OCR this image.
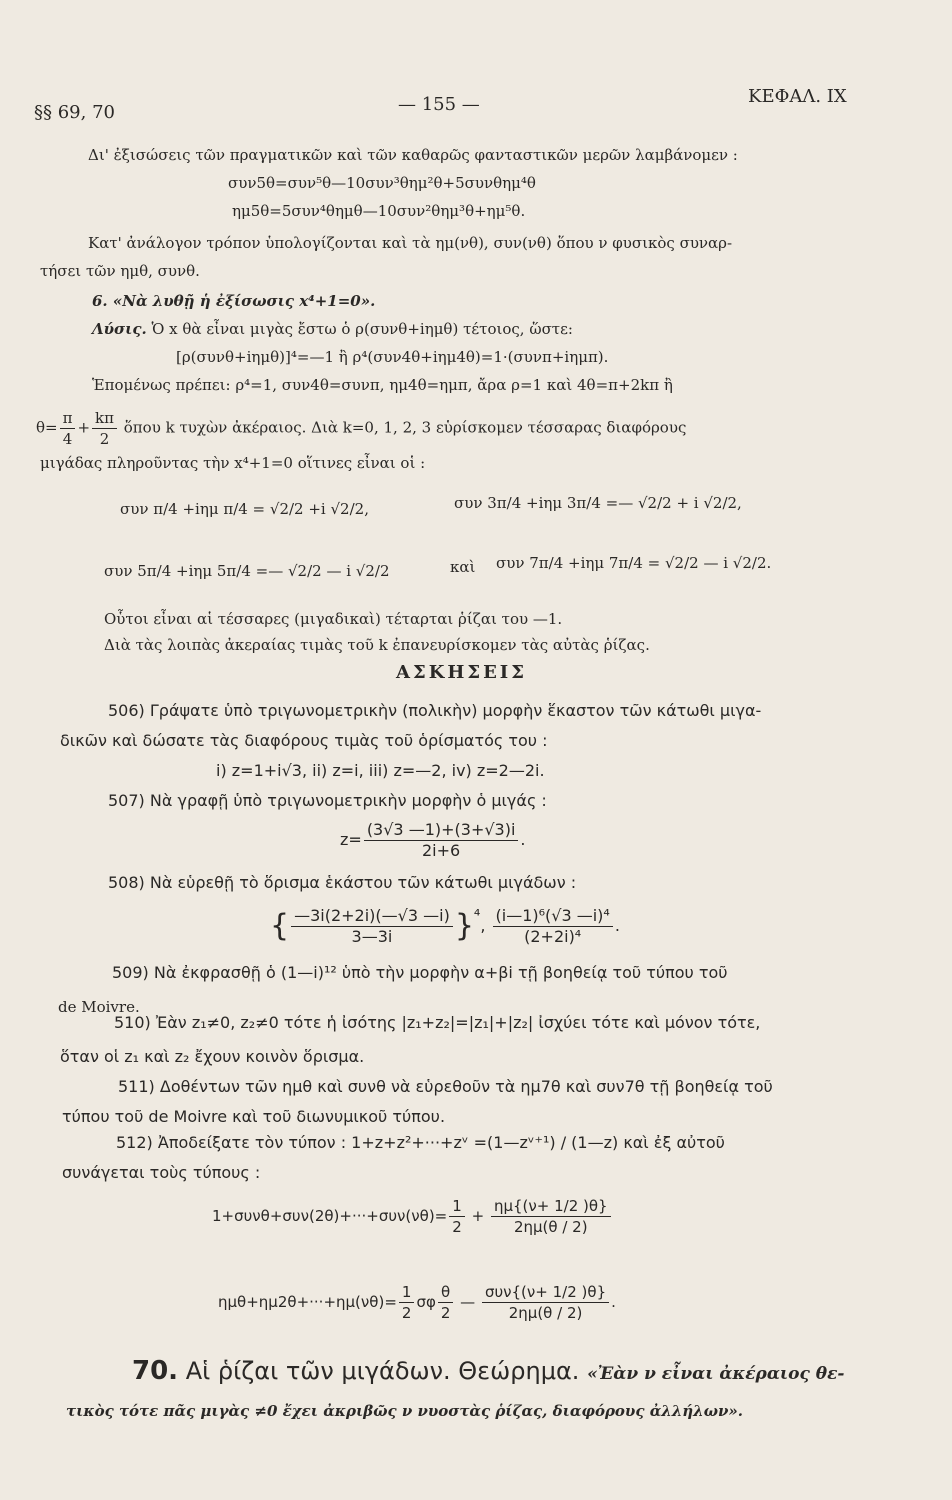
§§ 69, 70	— 155 —	ΚΕΦΑΛ. IX
Δι' ἐξισώσεις τῶν πραγματικῶν καὶ τῶν καθαρῶς φανταστικῶν μερῶν λαμβάνομεν :
συν5θ=συν⁵θ—10συν³θημ²θ+5συνθημ⁴θ
ημ5θ=5συν⁴θημθ—10συν²θημ³θ+ημ⁵θ.
Κατ' ἀνάλογον τρόπον ὑπολογίζονται καὶ τὰ ημ(νθ), συν(νθ) ὅπου ν φυσικὸς συναρ-
τήσει τῶν ημθ, συνθ.
6. «Νὰ λυθῇ ἡ ἐξίσωσις x⁴+1=0».
Λύσις. Ὁ x θὰ εἶναι μιγὰς ἔστω ὁ ρ(συνθ+iημθ) τέτοιος, ὥστε:
[ρ(συνθ+iημθ)]⁴=—1 ἢ ρ⁴(συν4θ+iημ4θ)=1·(συνπ+iημπ).
Ἑπομένως πρέπει: ρ⁴=1, συν4θ=συνπ, ημ4θ=ημπ, ἄρα ρ=1 καὶ 4θ=π+2kπ ἢ
$\theta= \frac{\pi}{4} + \frac{k\pi}{2}$ ὅπου k τυχὼν ἀκέραιος. Διὰ k=0, 1, 2, 3 εὑρίσκομεν τέσσαρας διαφόρους
μιγάδας πληροῦντας τὴν x⁴+1=0 οἵτινες εἶναι οἱ :
συν π/4 +iημ π/4 = √2/2 +i √2/2,	συν 3π/4 +iημ 3π/4 =— √2/2 + i √2/2,
συν 5π/4 +iημ 5π/4 =— √2/2 — i √2/2	καὶ συν 7π/4 +iημ 7π/4 = √2/2 — i √2/2.
Οὗτοι εἶναι αἱ τέσσαρες (μιγαδικαὶ) τέταρται ῥίζαι του —1.
Διὰ τὰς λοιπὰς ἀκεραίας τιμὰς τοῦ k ἐπανευρίσκομεν τὰς αὐτὰς ῥίζας.
ΑΣΚΗΣΕΙΣ
506) Γράψατε ὑπὸ τριγωνομετρικὴν (πολικὴν) μορφὴν ἕκαστον τῶν κάτωθι μιγα-
δικῶν καὶ δώσατε τὰς διαφόρους τιμὰς τοῦ ὁρίσματός του :
i) z=1+i√3, ii) z=i, iii) z=—2, iv) z=2—2i.
507) Νὰ γραφῇ ὑπὸ τριγωνομετρικὴν μορφὴν ὁ μιγάς :
$z= \frac{(3√3 —1)+(3+√3)i}{2i+6}$ .
508) Νὰ εὑρεθῇ τὸ ὅρισμα ἑκάστου τῶν κάτωθι μιγάδων :
{ $\frac{—3i(2+2i)(—√3 —i)}{3—3i} \}^4$, $\frac{\text{(i—1)⁶(√3 —i)⁴}}{\text{(2+2i)⁴}}$ .
509) Νὰ ἐκφρασθῇ ὁ (1—i)¹² ὑπὸ τὴν μορφὴν α+βi τῇ βοηθείᾳ τοῦ τύπου τοῦ
de Moivre.
510) Ἐὰν z₁≠0, z₂≠0 τότε ἡ ἰσότης |z₁+z₂|=|z₁|+|z₂| ἰσχύει τότε καὶ μόνον τότε,
ὅταν οἱ z₁ καὶ z₂ ἔχουν κοινὸν ὅρισμα.
511) Δοθέντων τῶν ημθ καὶ συνθ νὰ εὑρεθοῦν τὰ ημ7θ καὶ συν7θ τῇ βοηθείᾳ τοῦ
τύπου τοῦ de Moivre καὶ τοῦ διωνυμικοῦ τύπου.
512) Ἀποδείξατε τὸν τύπον : 1+z+z²+···+zᵛ =(1—zᵛ⁺¹) / (1—z) καὶ ἐξ αὐτοῦ
συνάγεται τοὺς τύπους :
$1+\sigma\upsilon\nu\theta+\sigma\upsilon\nu(2\theta)+\cdot\cdot\cdot+\sigma\upsilon\nu(\nu\theta)= \frac{1}{2} + \frac{\eta\mu\{(\nu+ 1/2 )\theta\}}{2\eta\mu(\theta / 2)}$
$\eta\mu\theta+\eta\mu 2\theta+\cdot\cdot\cdot+\eta\mu(\nu\theta)= \frac{1}{2}$ σφ $\frac{\theta}{2}$ — $\frac{\text{συν\{(ν+ 1/2 )θ\}}}{2\eta\mu(\theta / 2)}$ .
70. Αἱ ῥίζαι τῶν μιγάδων. Θεώρημα. «Ἐὰν ν εἶναι ἀκέραιος θε-
τικὸς τότε πᾶς μιγὰς ≠0 ἔχει ἀκριβῶς ν νυοστὰς ῥίζας, διαφόρους ἀλλήλων».
